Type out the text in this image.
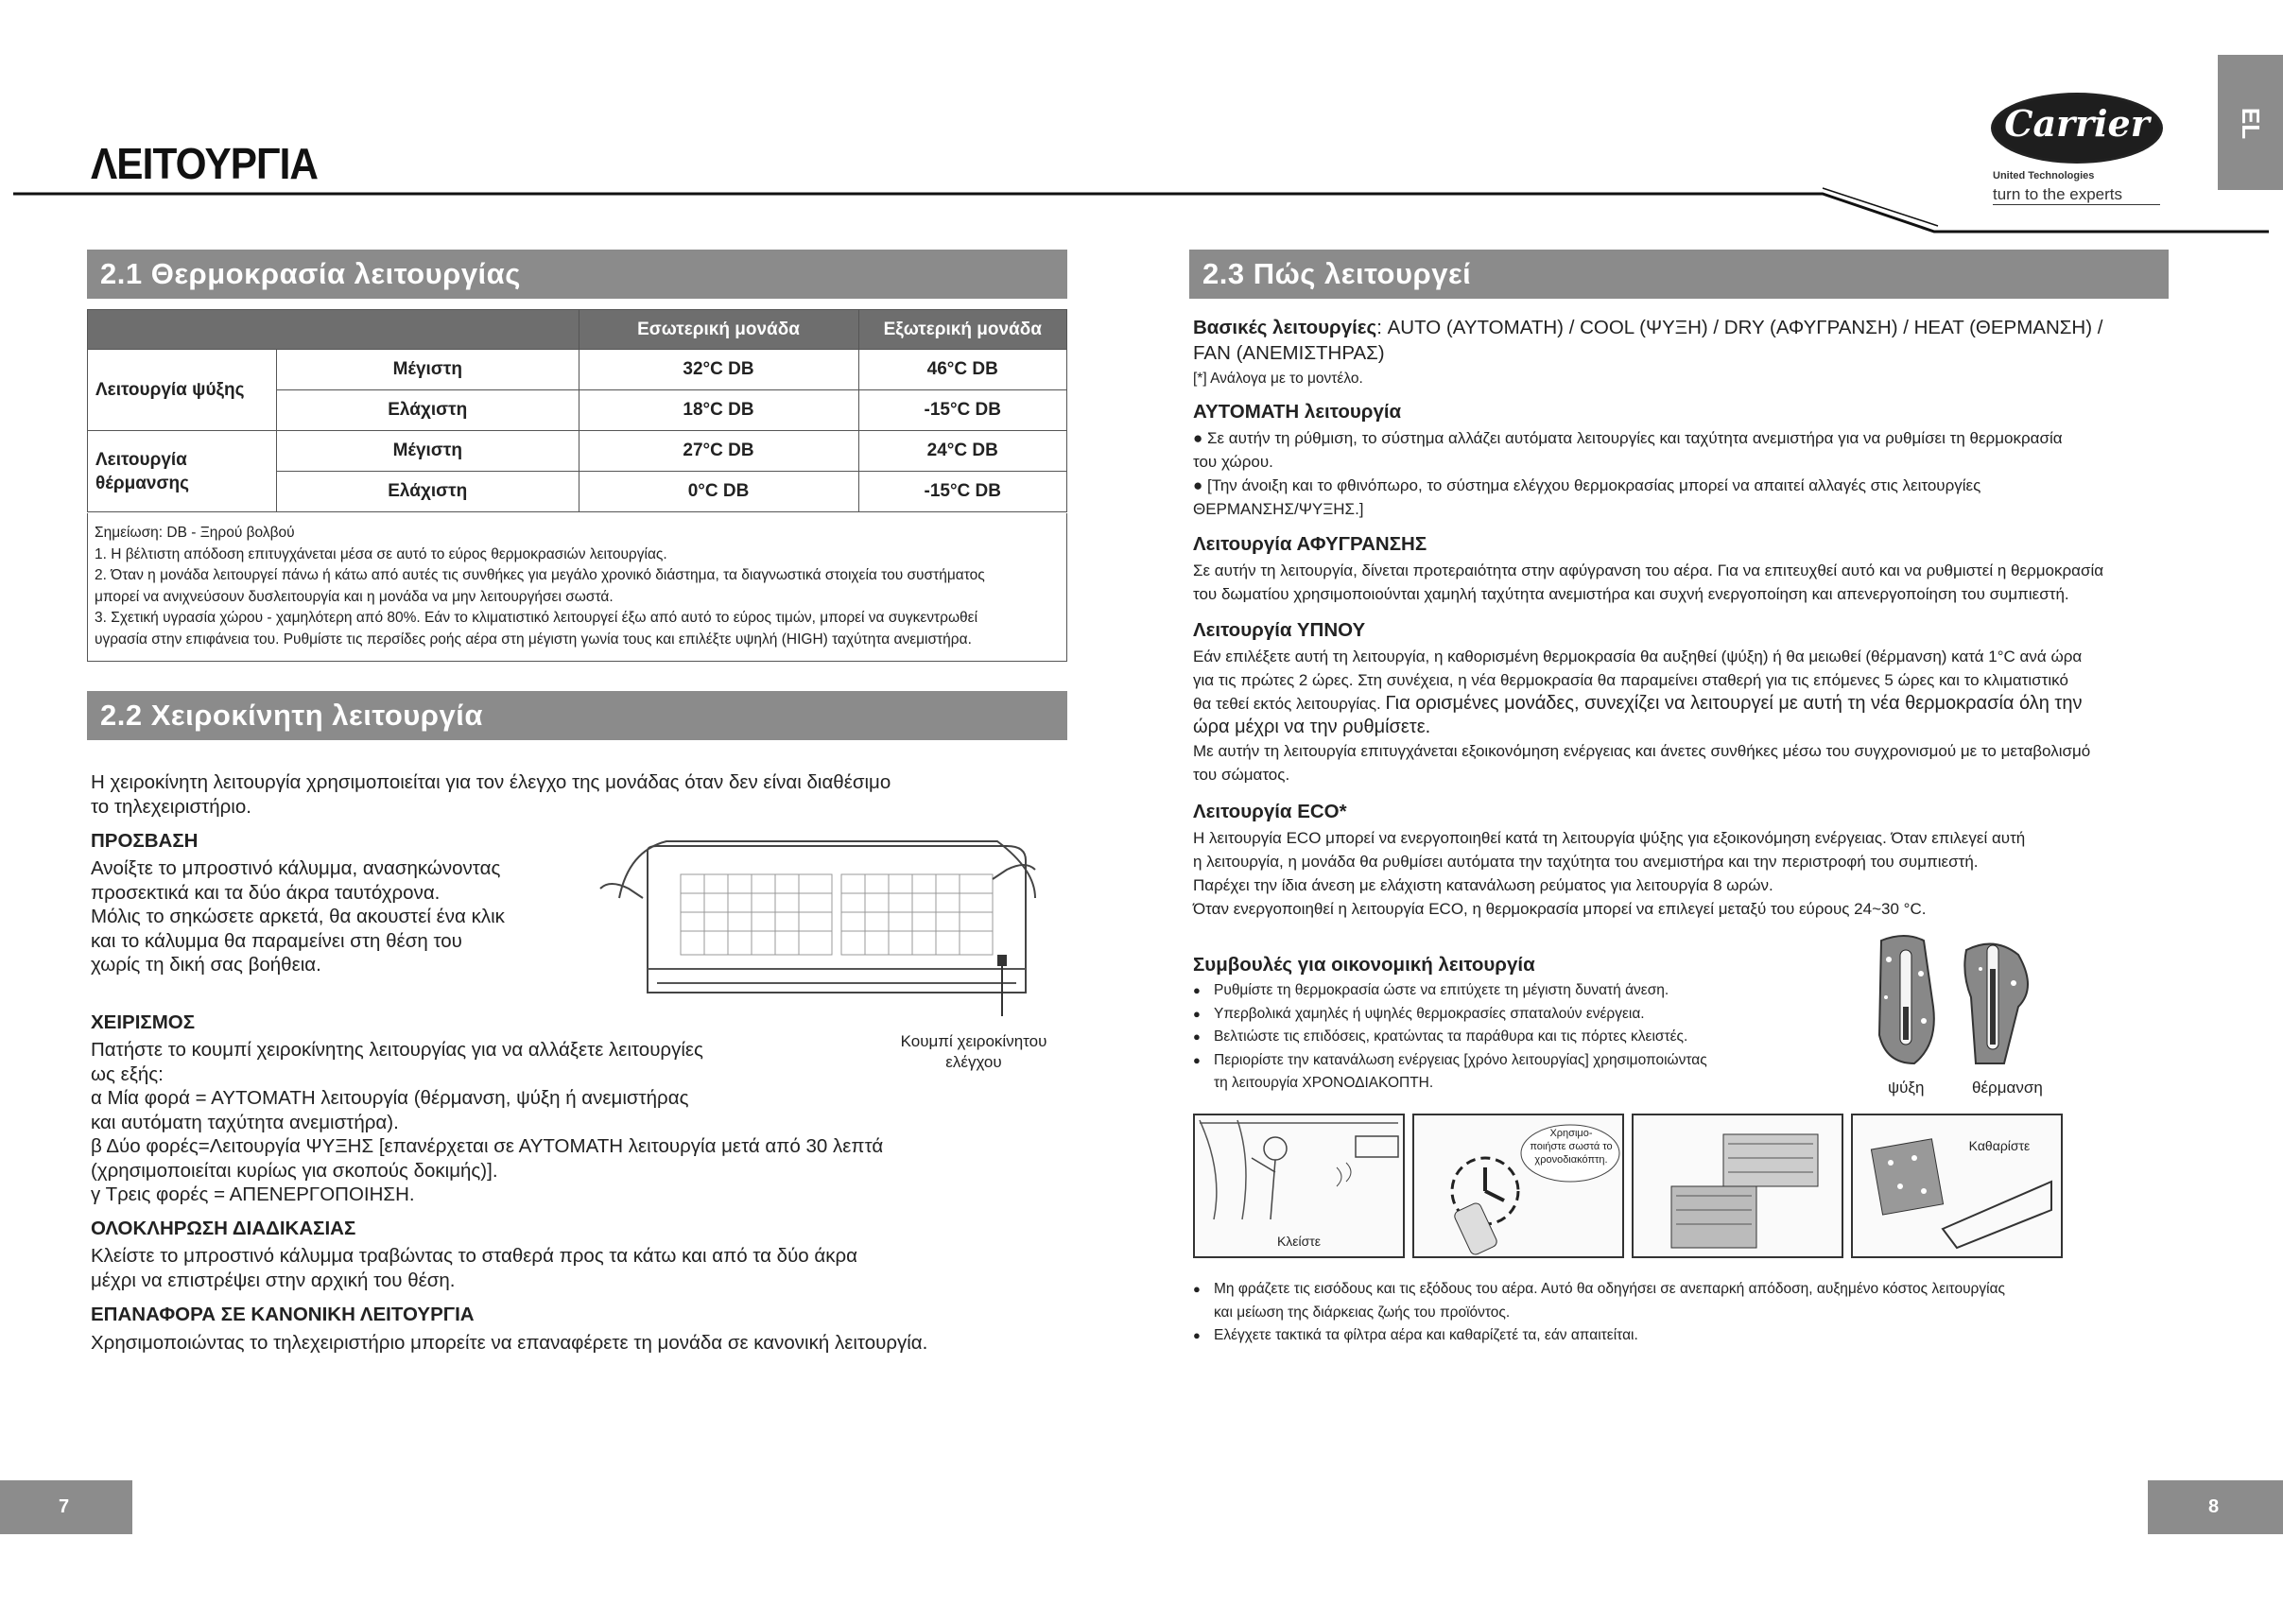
ΛΕΙΤΟΥΡΓΙΑ
EL
Carrier
United Technologies
turn to the experts
2.1 Θερμοκρασία λειτουργίας
		Εσωτερική μονάδα	Εξωτερική μονάδα
Λειτουργία ψύξης	Μέγιστη	32°C DB	46°C DB
	Ελάχιστη	18°C DB	-15°C DB
Λειτουργία θέρμανσης	Μέγιστη	27°C DB	24°C DB
	Ελάχιστη	0°C DB	-15°C DB
Σημείωση: DB - Ξηρού βολβού
1. Η βέλτιστη απόδοση επιτυγχάνεται μέσα σε αυτό το εύρος θερμοκρασιών λειτουργίας.
2. Όταν η μονάδα λειτουργεί πάνω ή κάτω από αυτές τις συνθήκες για μεγάλο χρονικό διάστημα, τα διαγνωστικά στοιχεία του συστήματος
μπορεί να ανιχνεύσουν δυσλειτουργία και η μονάδα να μην λειτουργήσει σωστά.
3. Σχετική υγρασία χώρου - χαμηλότερη από 80%. Εάν το κλιματιστικό λειτουργεί έξω από αυτό το εύρος τιμών, μπορεί να συγκεντρωθεί
υγρασία στην επιφάνεια του. Ρυθμίστε τις περσίδες ροής αέρα στη μέγιστη γωνία τους και επιλέξτε υψηλή (HIGH) ταχύτητα ανεμιστήρα.
2.2 Χειροκίνητη λειτουργία
Η χειροκίνητη λειτουργία χρησιμοποιείται για τον έλεγχο της μονάδας όταν δεν είναι διαθέσιμο
το τηλεχειριστήριο.
ΠΡΟΣΒΑΣΗ
Ανοίξτε το μπροστινό κάλυμμα, ανασηκώνοντας
προσεκτικά και τα δύο άκρα ταυτόχρονα.
Μόλις το σηκώσετε αρκετά, θα ακουστεί ένα κλικ
και το κάλυμμα θα παραμείνει στη θέση του
χωρίς τη δική σας βοήθεια.
Κουμπί χειροκίνητου
ελέγχου
ΧΕΙΡΙΣΜΟΣ
Πατήστε το κουμπί χειροκίνητης λειτουργίας για να αλλάξετε λειτουργίες
ως εξής:
α Μία φορά = ΑΥΤΟΜΑΤΗ λειτουργία (θέρμανση, ψύξη ή ανεμιστήρας
και αυτόματη ταχύτητα ανεμιστήρα).
β Δύο φορές=Λειτουργία ΨΥΞΗΣ [επανέρχεται σε ΑΥΤΟΜΑΤΗ λειτουργία μετά από 30 λεπτά
(χρησιμοποιείται κυρίως για σκοπούς δοκιμής)].
γ Τρεις φορές = ΑΠΕΝΕΡΓΟΠΟΙΗΣΗ.
ΟΛΟΚΛΗΡΩΣΗ ΔΙΑΔΙΚΑΣΙΑΣ
Κλείστε το μπροστινό κάλυμμα τραβώντας το σταθερά προς τα κάτω και από τα δύο άκρα
μέχρι να επιστρέψει στην αρχική του θέση.
ΕΠΑΝΑΦΟΡΑ ΣΕ ΚΑΝΟΝΙΚΗ ΛΕΙΤΟΥΡΓΙΑ
Χρησιμοποιώντας το τηλεχειριστήριο μπορείτε να επαναφέρετε τη μονάδα σε κανονική λειτουργία.
2.3 Πώς λειτουργεί
Βασικές λειτουργίες: AUTO (ΑΥΤΟΜΑΤΗ) / COOL (ΨΥΞΗ) / DRY (ΑΦΥΓΡΑΝΣΗ) / HEAT (ΘΕΡΜΑΝΣΗ) /
FAN (ΑΝΕΜΙΣΤΗΡΑΣ)
[*] Ανάλογα με το μοντέλο.
ΑΥΤΟΜΑΤΗ λειτουργία
● Σε αυτήν τη ρύθμιση, το σύστημα αλλάζει αυτόματα λειτουργίες και ταχύτητα ανεμιστήρα για να ρυθμίσει τη θερμοκρασία
του χώρου.
● [Την άνοιξη και το φθινόπωρο, το σύστημα ελέγχου θερμοκρασίας μπορεί να απαιτεί αλλαγές στις λειτουργίες
ΘΕΡΜΑΝΣΗΣ/ΨΥΞΗΣ.]
Λειτουργία ΑΦΥΓΡΑΝΣΗΣ
Σε αυτήν τη λειτουργία, δίνεται προτεραιότητα στην αφύγρανση του αέρα. Για να επιτευχθεί αυτό και να ρυθμιστεί η θερμοκρασία
του δωματίου χρησιμοποιούνται χαμηλή ταχύτητα ανεμιστήρα και συχνή ενεργοποίηση και απενεργοποίηση του συμπιεστή.
Λειτουργία ΥΠΝΟΥ
Εάν επιλέξετε αυτή τη λειτουργία, η καθορισμένη θερμοκρασία θα αυξηθεί (ψύξη) ή θα μειωθεί (θέρμανση) κατά 1°C ανά ώρα
για τις πρώτες 2 ώρες. Στη συνέχεια, η νέα θερμοκρασία θα παραμείνει σταθερή για τις επόμενες 5 ώρες και το κλιματιστικό
θα τεθεί εκτός λειτουργίας.
Για ορισμένες μονάδες, συνεχίζει να λειτουργεί με αυτή τη νέα θερμοκρασία όλη την
ώρα μέχρι να την ρυθμίσετε.
Με αυτήν τη λειτουργία επιτυγχάνεται εξοικονόμηση ενέργειας και άνετες συνθήκες μέσω του συγχρονισμού με το μεταβολισμό
του σώματος.
Λειτουργία ECO*
Η λειτουργία ECO μπορεί να ενεργοποιηθεί κατά τη λειτουργία ψύξης για εξοικονόμηση ενέργειας. Όταν επιλεγεί αυτή
η λειτουργία, η μονάδα θα ρυθμίσει αυτόματα την ταχύτητα του ανεμιστήρα και την περιστροφή του συμπιεστή.
Παρέχει την ίδια άνεση με ελάχιστη κατανάλωση ρεύματος για λειτουργία 8 ωρών.
Όταν ενεργοποιηθεί η λειτουργία ECO, η θερμοκρασία μπορεί να επιλεγεί μεταξύ του εύρους 24~30 °C.
Συμβουλές για οικονομική λειτουργία
● Ρυθμίστε τη θερμοκρασία ώστε να επιτύχετε τη μέγιστη δυνατή άνεση.
● Υπερβολικά χαμηλές ή υψηλές θερμοκρασίες σπαταλούν ενέργεια.
● Βελτιώστε τις επιδόσεις, κρατώντας τα παράθυρα και τις πόρτες κλειστές.
● Περιορίστε την κατανάλωση ενέργειας [χρόνο λειτουργίας] χρησιμοποιώντας
τη λειτουργία ΧΡΟΝΟΔΙΑΚΟΠΤΗ.	ψύξη	θέρμανση
Κλείστε
Χρησιμο-
ποιήστε σωστά το
χρονοδιακόπτη.
Καθαρίστε
● Μη φράζετε τις εισόδους και τις εξόδους του αέρα. Αυτό θα οδηγήσει σε ανεπαρκή απόδοση, αυξημένο κόστος λειτουργίας
και μείωση της διάρκειας ζωής του προϊόντος.
● Ελέγχετε τακτικά τα φίλτρα αέρα και καθαρίζετέ τα, εάν απαιτείται.
7	8
